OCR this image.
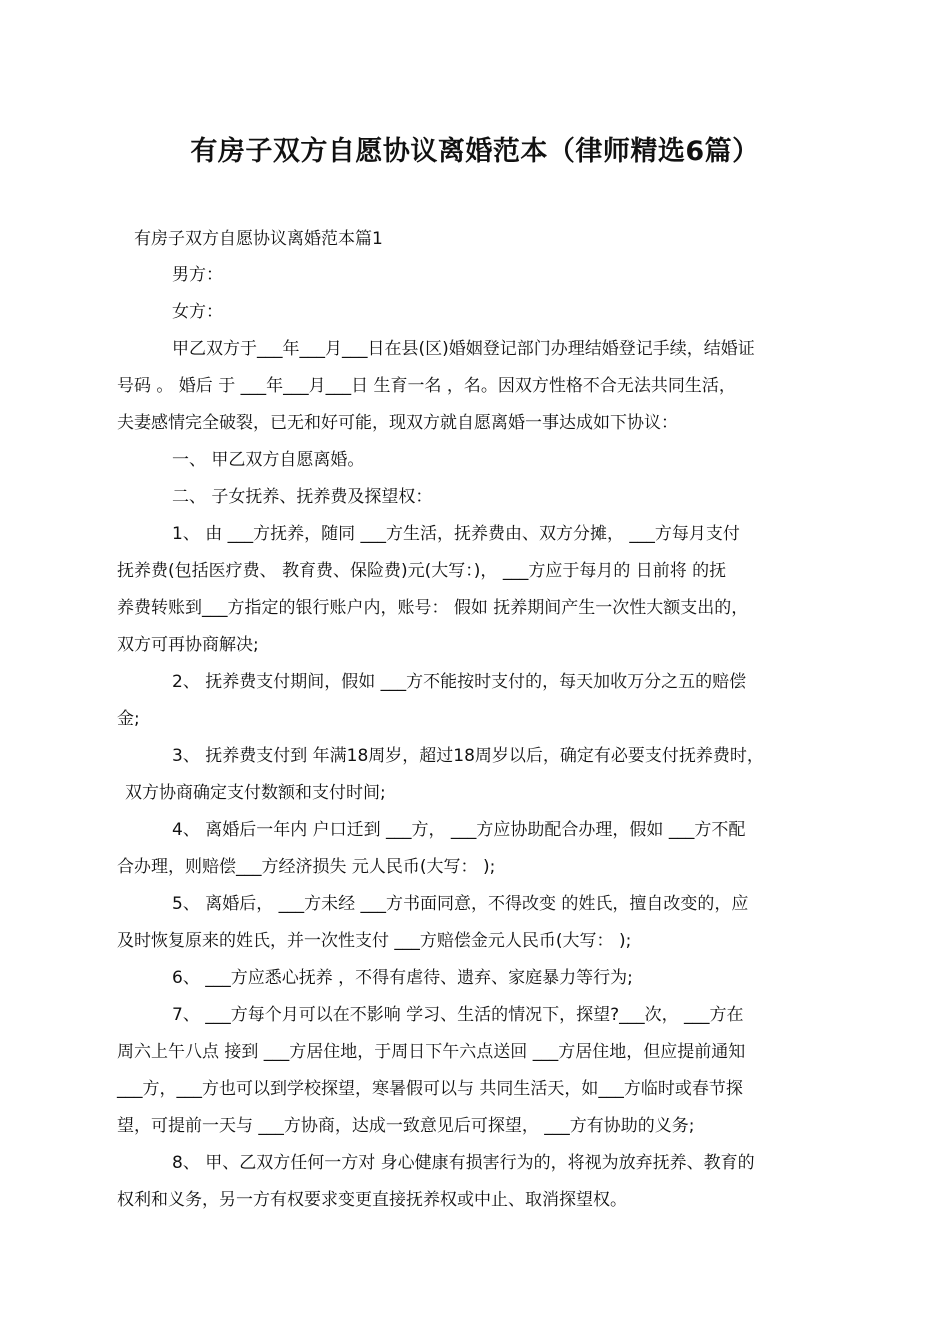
有房子双方自愿协议离婚范本（律师精选6篇）
有房子双方自愿协议离婚范本篇1
男方：
女方：
甲乙双方于___年___月___日在县(区)婚姻登记部门办理结婚登记手续，结婚证
号码 。 婚后 于 ___年___月___日 生育一名 ，名。因双方性格不合无法共同生活，
夫妻感情完全破裂，已无和好可能，现双方就自愿离婚一事达成如下协议：
一、 甲乙双方自愿离婚。
二、 子女抚养、抚养费及探望权：
1、 由 ___方抚养，随同 ___方生活，抚养费由、双方分摊， ___方每月支付
抚养费(包括医疗费、 教育费、保险费)元(大写：)， ___方应于每月的 日前将 的抚
养费转账到___方指定的银行账户内，账号： 假如 抚养期间产生一次性大额支出的，
双方可再协商解决;
2、 抚养费支付期间，假如 ___方不能按时支付的，每天加收万分之五的赔偿
金;
3、 抚养费支付到 年满18周岁，超过18周岁以后，确定有必要支付抚养费时，
双方协商确定支付数额和支付时间;
4、 离婚后一年内 户口迁到 ___方， ___方应协助配合办理，假如 ___方不配
合办理，则赔偿___方经济损失 元人民币(大写： );
5、 离婚后， ___方未经 ___方书面同意，不得改变 的姓氏，擅自改变的，应
及时恢复原来的姓氏，并一次性支付 ___方赔偿金元人民币(大写： );
6、 ___方应悉心抚养 ，不得有虐待、遗弃、家庭暴力等行为;
7、 ___方每个月可以在不影响 学习、生活的情况下，探望?___次， ___方在
周六上午八点 接到 ___方居住地，于周日下午六点送回 ___方居住地，但应提前通知
___方，___方也可以到学校探望，寒暑假可以与 共同生活天，如___方临时或春节探
望，可提前一天与 ___方协商，达成一致意见后可探望， ___方有协助的义务;
8、 甲、乙双方任何一方对 身心健康有损害行为的，将视为放弃抚养、教育的
权利和义务，另一方有权要求变更直接抚养权或中止、取消探望权。
